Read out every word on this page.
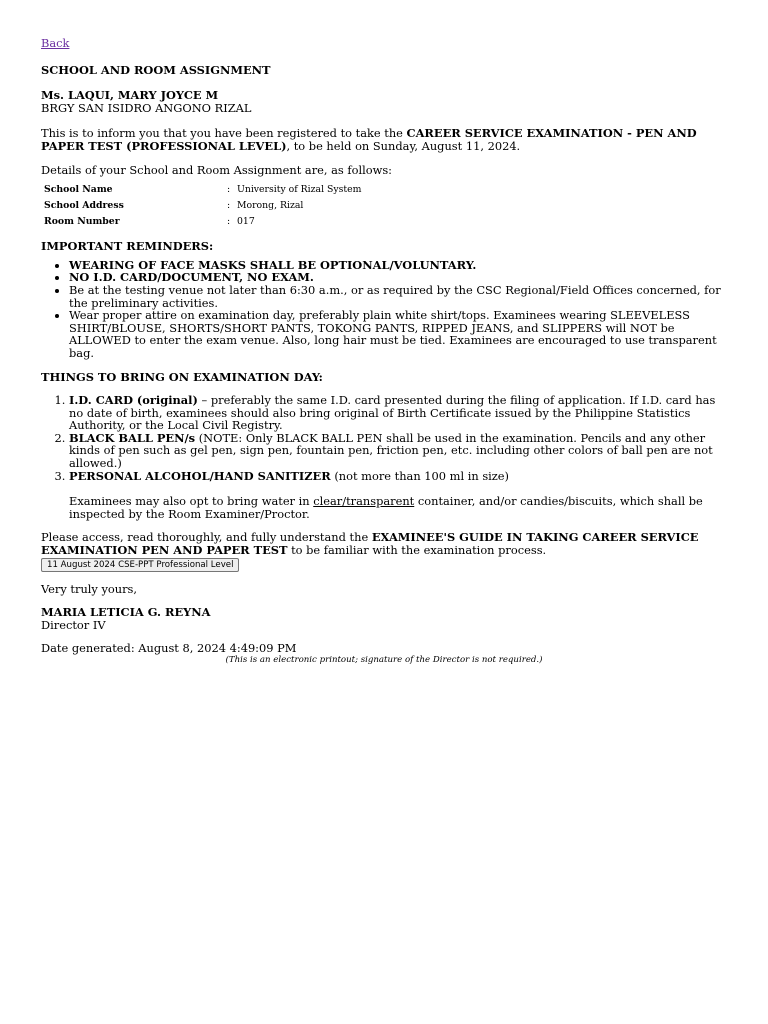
Back

SCHOOL AND ROOM ASSIGNMENT

Ms. LAQUI, MARY JOYCE M

BRGY SAN ISIDRO ANGONO RIZAL

This is to inform you that you have been registered to take the CAREER SERVICE EXAMINATION - PEN AND PAPER TEST (PROFESSIONAL LEVEL), to be held on Sunday, August 11, 2024.

Details of your School and Room Assignment are, as follows:

School Name	:	University of Rizal System
School Address	:	Morong, Rizal
Room Number	:	017

IMPORTANT REMINDERS:

• WEARING OF FACE MASKS SHALL BE OPTIONAL/VOLUNTARY.
• NO I.D. CARD/DOCUMENT, NO EXAM.
• Be at the testing venue not later than 6:30 a.m., or as required by the CSC Regional/Field Offices concerned, for the preliminary activities.
• Wear proper attire on examination day, preferably plain white shirt/tops. Examinees wearing SLEEVELESS SHIRT/BLOUSE, SHORTS/SHORT PANTS, TOKONG PANTS, RIPPED JEANS, and SLIPPERS will NOT be ALLOWED to enter the exam venue. Also, long hair must be tied. Examinees are encouraged to use transparent bag.

THINGS TO BRING ON EXAMINATION DAY:

1. I.D. CARD (original) – preferably the same I.D. card presented during the filing of application. If I.D. card has no date of birth, examinees should also bring original of Birth Certificate issued by the Philippine Statistics Authority, or the Local Civil Registry.
2. BLACK BALL PEN/s (NOTE: Only BLACK BALL PEN shall be used in the examination. Pencils and any other kinds of pen such as gel pen, sign pen, fountain pen, friction pen, etc. including other colors of ball pen are not allowed.)
3. PERSONAL ALCOHOL/HAND SANITIZER (not more than 100 ml in size)

Examinees may also opt to bring water in clear/transparent container, and/or candies/biscuits, which shall be inspected by the Room Examiner/Proctor.

Please access, read thoroughly, and fully understand the EXAMINEE'S GUIDE IN TAKING CAREER SERVICE EXAMINATION PEN AND PAPER TEST to be familiar with the examination process.

11 August 2024 CSE-PPT Professional Level

Very truly yours,

MARIA LETICIA G. REYNA

Director IV

Date generated: August 8, 2024 4:49:09 PM

(This is an electronic printout; signature of the Director is not required.)
